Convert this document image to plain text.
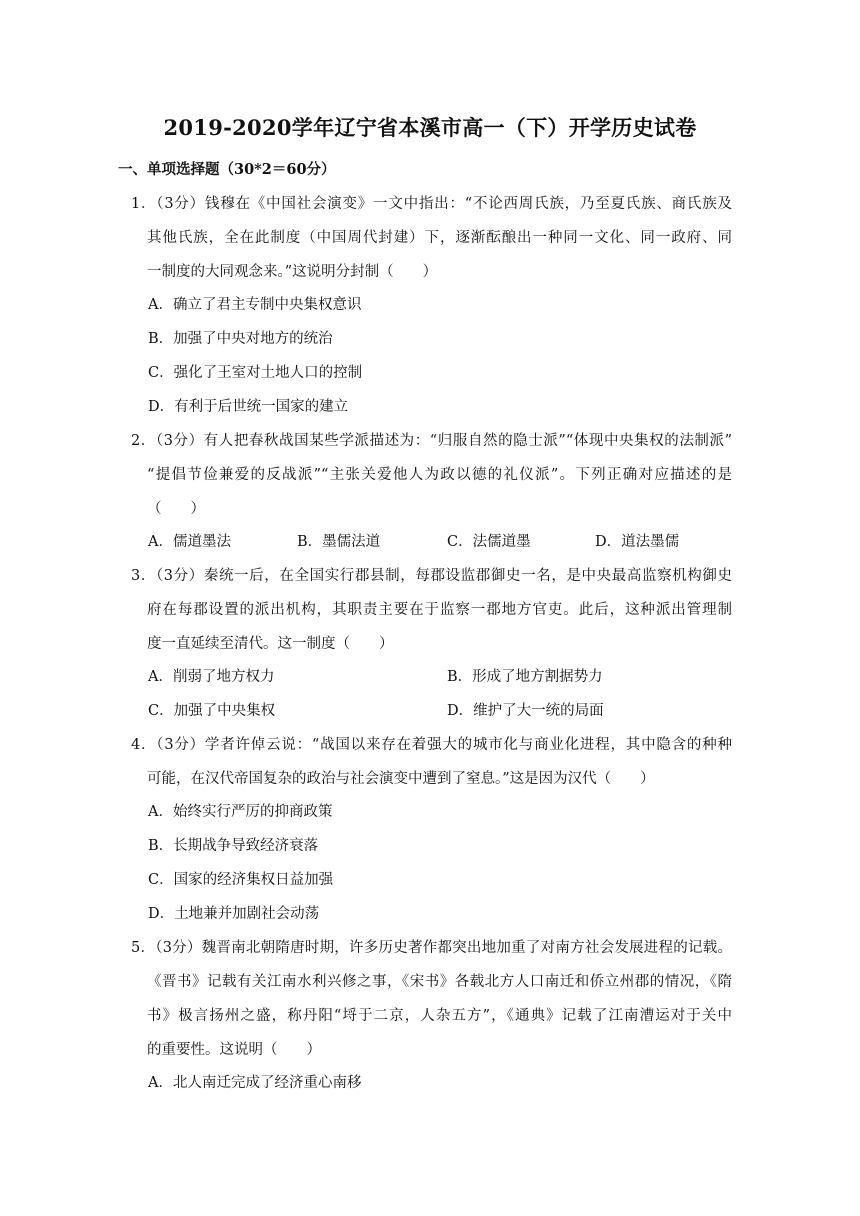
2019-2020学年辽宁省本溪市高一（下）开学历史试卷
一、单项选择题（30*2＝60分）
1．（3分）钱穆在《中国社会演变》一文中指出：“不论西周氏族，乃至夏氏族、商氏族及
其他氏族，全在此制度（中国周代封建）下，逐渐酝酿出一种同一文化、同一政府、同
一制度的大同观念来。”这说明分封制（　　）
A．确立了君主专制中央集权意识
B．加强了中央对地方的统治
C．强化了王室对土地人口的控制
D．有利于后世统一国家的建立
2．（3分）有人把春秋战国某些学派描述为：“归服自然的隐士派”“体现中央集权的法制派”
“提倡节俭兼爱的反战派”“主张关爱他人为政以德的礼仪派”。下列正确对应描述的是
（　　）
A．儒道墨法	B．墨儒法道	C．法儒道墨	D．道法墨儒
3．（3分）秦统一后，在全国实行郡县制，每郡设监郡御史一名，是中央最高监察机构御史
府在每郡设置的派出机构，其职责主要在于监察一郡地方官吏。此后，这种派出管理制
度一直延续至清代。这一制度（　　）
A．削弱了地方权力	B．形成了地方割据势力
C．加强了中央集权	D．维护了大一统的局面
4．（3分）学者许倬云说：“战国以来存在着强大的城市化与商业化进程，其中隐含的种种
可能，在汉代帝国复杂的政治与社会演变中遭到了窒息。”这是因为汉代（　　）
A．始终实行严厉的抑商政策
B．长期战争导致经济衰落
C．国家的经济集权日益加强
D．土地兼并加剧社会动荡
5．（3分）魏晋南北朝隋唐时期，许多历史著作都突出地加重了对南方社会发展进程的记载。
《晋书》记载有关江南水利兴修之事，《宋书》各载北方人口南迁和侨立州郡的情况，《隋
书》极言扬州之盛，称丹阳“埒于二京，人杂五方”，《通典》记载了江南漕运对于关中
的重要性。这说明（　　）
A．北人南迁完成了经济重心南移
